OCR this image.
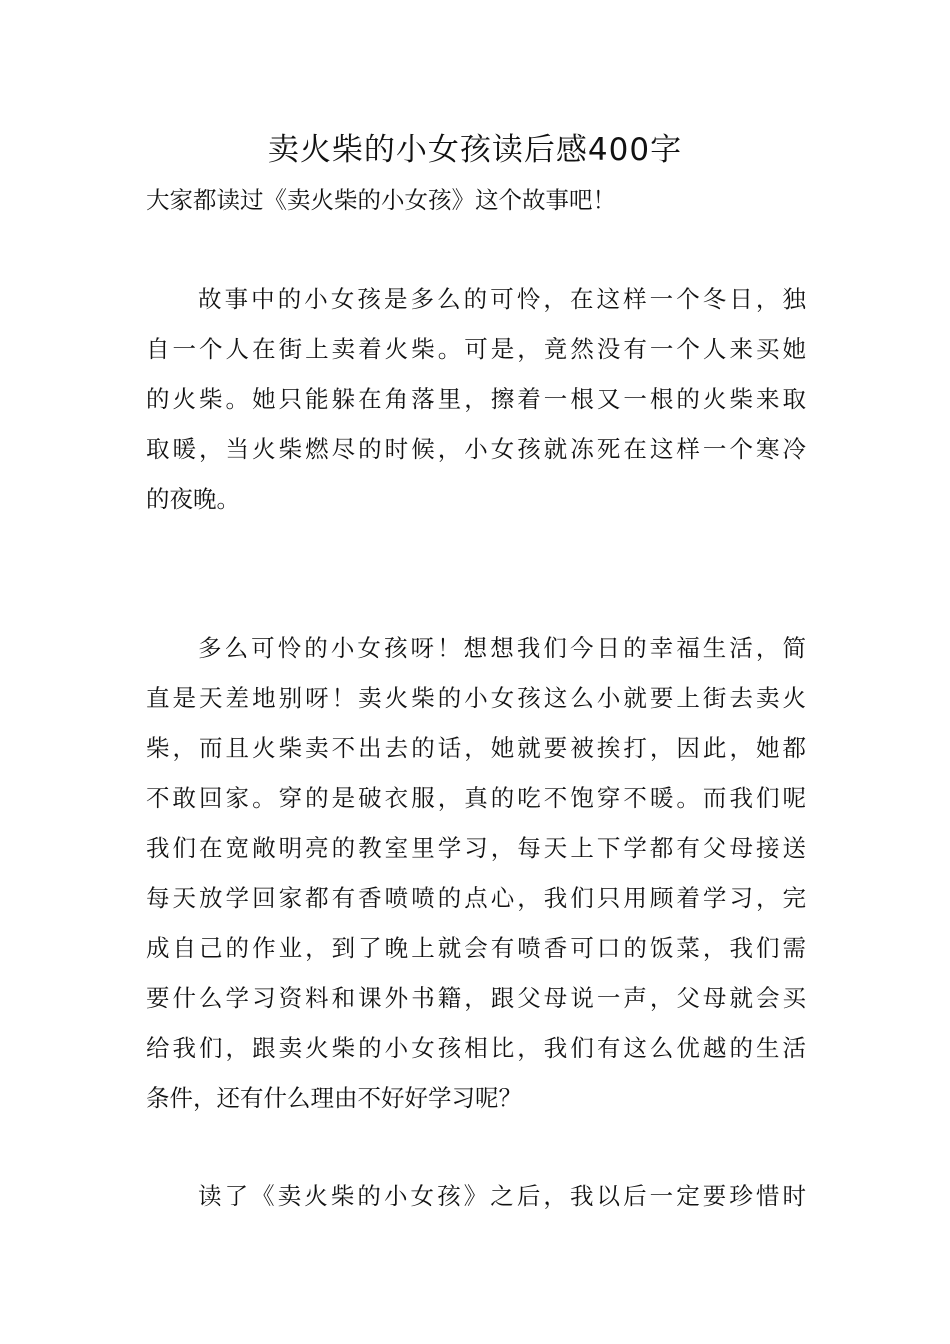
卖火柴的小女孩读后感400字
大家都读过《卖火柴的小女孩》这个故事吧！
故事中的小女孩是多么的可怜，在这样一个冬日，独
自一个人在街上卖着火柴。可是，竟然没有一个人来买她
的火柴。她只能躲在角落里，擦着一根又一根的火柴来取
取暖，当火柴燃尽的时候，小女孩就冻死在这样一个寒冷
的夜晚。
多么可怜的小女孩呀！想想我们今日的幸福生活，简
直是天差地别呀！卖火柴的小女孩这么小就要上街去卖火
柴，而且火柴卖不出去的话，她就要被挨打，因此，她都
不敢回家。穿的是破衣服，真的吃不饱穿不暖。而我们呢
我们在宽敞明亮的教室里学习，每天上下学都有父母接送
每天放学回家都有香喷喷的点心，我们只用顾着学习，完
成自己的作业，到了晚上就会有喷香可口的饭菜，我们需
要什么学习资料和课外书籍，跟父母说一声，父母就会买
给我们，跟卖火柴的小女孩相比，我们有这么优越的生活
条件，还有什么理由不好好学习呢？
读了《卖火柴的小女孩》之后，我以后一定要珍惜时
